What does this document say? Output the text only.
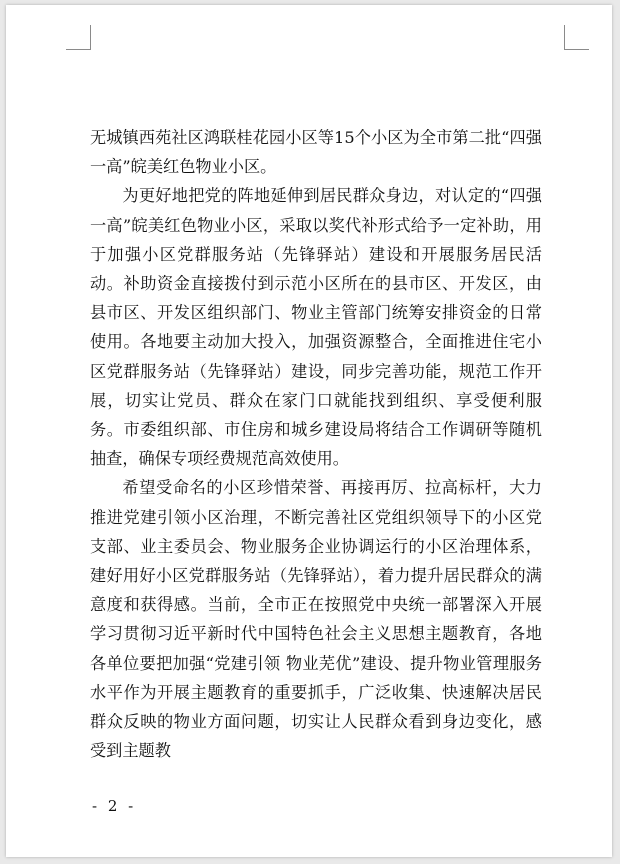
无城镇西苑社区鸿联桂花园小区等15个小区为全市第二批“四强一高”皖美红色物业小区。

为更好地把党的阵地延伸到居民群众身边，对认定的“四强一高”皖美红色物业小区，采取以奖代补形式给予一定补助，用于加强小区党群服务站（先锋驿站）建设和开展服务居民活动。补助资金直接拨付到示范小区所在的县市区、开发区，由县市区、开发区组织部门、物业主管部门统筹安排资金的日常使用。各地要主动加大投入，加强资源整合，全面推进住宅小区党群服务站（先锋驿站）建设，同步完善功能，规范工作开展，切实让党员、群众在家门口就能找到组织、享受便利服务。市委组织部、市住房和城乡建设局将结合工作调研等随机抽查，确保专项经费规范高效使用。

希望受命名的小区珍惜荣誉、再接再厉、拉高标杆，大力推进党建引领小区治理，不断完善社区党组织领导下的小区党支部、业主委员会、物业服务企业协调运行的小区治理体系，建好用好小区党群服务站（先锋驿站），着力提升居民群众的满意度和获得感。当前，全市正在按照党中央统一部署深入开展学习贯彻习近平新时代中国特色社会主义思想主题教育，各地各单位要把加强“党建引领 物业芜优”建设、提升物业管理服务水平作为开展主题教育的重要抓手，广泛收集、快速解决居民群众反映的物业方面问题，切实让人民群众看到身边变化，感受到主题教

- 2 -
